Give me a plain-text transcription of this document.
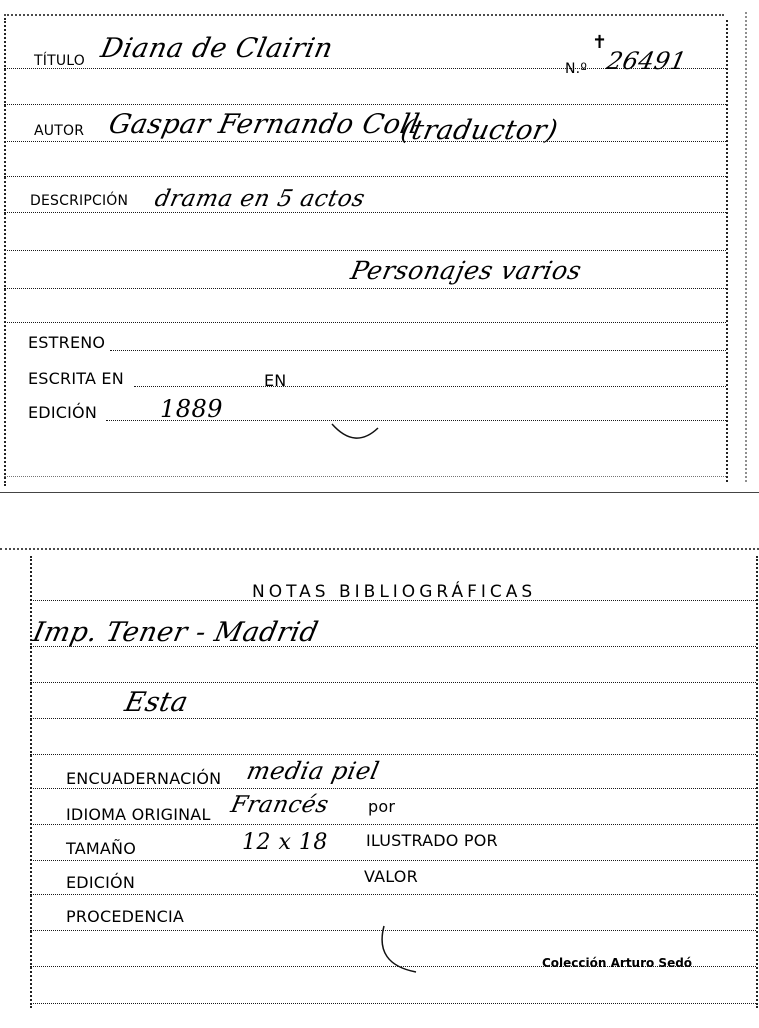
TÍTULO Diana de Clairin
N.º 26491
✝
AUTOR Gaspar Fernando Coll
(traductor)
DESCRIPCIÓN drama en 5 actos
Personajes varios
ESTRENO
ESCRITA EN	EN
EDICIÓN	1889
NOTAS BIBLIOGRÁFICAS
Imp. Tener - Madrid
Esta
ENCUADERNACIÓN media piel
IDIOMA ORIGINAL Francés por
TAMAÑO	12 x 18 ILUSTRADO POR
EDICIÓN	VALOR
PROCEDENCIA
Colección Arturo Sedó
